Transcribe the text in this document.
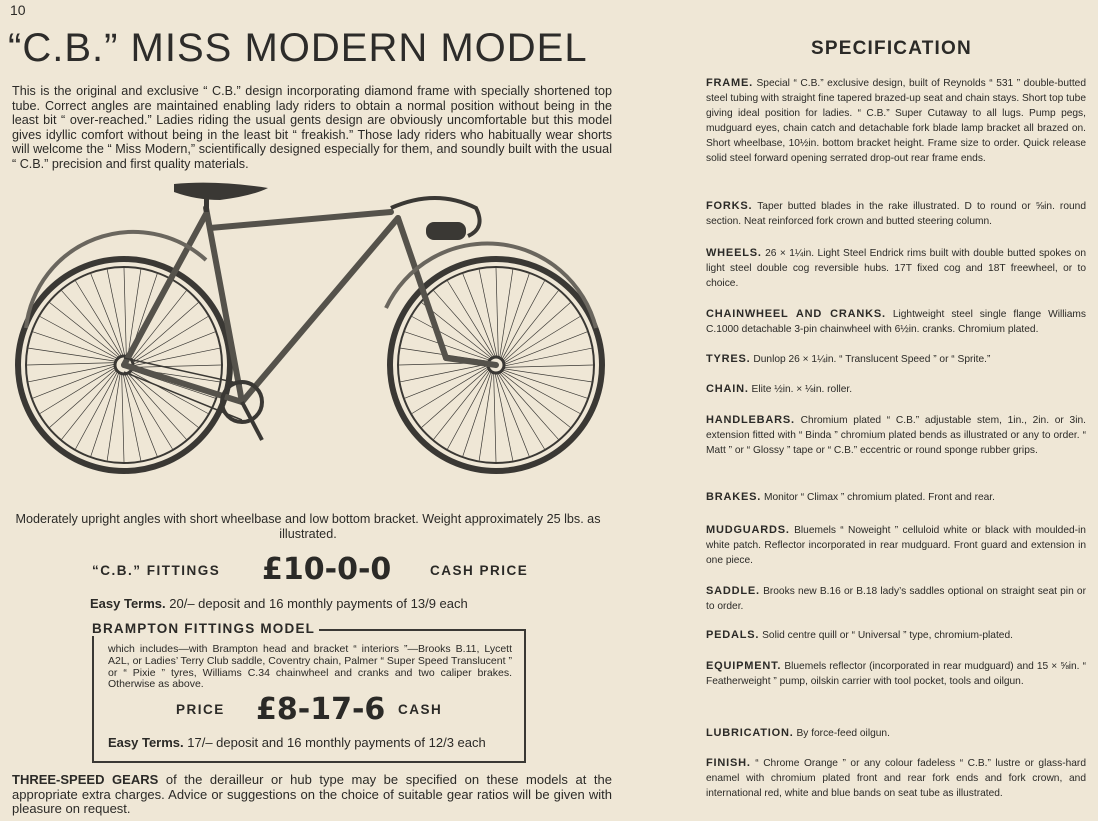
10
“C.B.” MISS MODERN MODEL
This is the original and exclusive “ C.B.” design incorporating diamond frame with specially shortened top tube. Correct angles are maintained enabling lady riders to obtain a normal position without being in the least bit “ over-reached.” Ladies riding the usual gents design are obviously uncomfortable but this model gives idyllic comfort without being in the least bit “ freakish.” Those lady riders who habitually wear shorts will welcome the “ Miss Modern,” scientifically designed especially for them, and soundly built with the usual “ C.B.” precision and first quality materials.
Moderately upright angles with short wheelbase and low bottom bracket. Weight approximately 25 lbs. as illustrated.
“C.B.” FITTINGS £10-0-0	CASH PRICE
Easy Terms. 20/– deposit and 16 monthly payments of 13/9 each
BRAMPTON FITTINGS MODEL
which includes—with Brampton head and bracket “ interiors ”—Brooks B.11, Lycett A2L, or Ladies’ Terry Club saddle, Coventry chain, Palmer “ Super Speed Translucent ” or “ Pixie ” tyres, Williams C.34 chainwheel and cranks and two caliper brakes. Otherwise as above.
PRICE £8-17-6 CASH
Easy Terms. 17/– deposit and 16 monthly payments of 12/3 each
THREE-SPEED GEARS of the derailleur or hub type may be specified on these models at the appropriate extra charges. Advice or suggestions on the choice of suitable gear ratios will be given with pleasure on request.
SPECIFICATION
FRAME. Special “ C.B.” exclusive design, built of Reynolds “ 531 ” double-butted steel tubing with straight fine tapered brazed-up seat and chain stays. Short top tube giving ideal position for ladies. “ C.B.” Super Cutaway to all lugs. Pump pegs, mudguard eyes, chain catch and detachable fork blade lamp bracket all brazed on. Short wheelbase, 10½in. bottom bracket height. Frame size to order. Quick release solid steel forward opening serrated drop-out rear frame ends.
FORKS. Taper butted blades in the rake illustrated. D to round or ⅝in. round section. Neat reinforced fork crown and butted steering column.
WHEELS. 26 × 1¼in. Light Steel Endrick rims built with double butted spokes on light steel double cog reversible hubs. 17T fixed cog and 18T freewheel, or to choice.
CHAINWHEEL AND CRANKS. Lightweight steel single flange Williams C.1000 detachable 3-pin chainwheel with 6½in. cranks. Chromium plated.
TYRES. Dunlop 26 × 1¼in. “ Translucent Speed ” or “ Sprite.”
CHAIN. Elite ½in. × ⅛in. roller.
HANDLEBARS. Chromium plated “ C.B.” adjustable stem, 1in., 2in. or 3in. extension fitted with “ Binda ” chromium plated bends as illustrated or any to order. “ Matt ” or “ Glossy ” tape or “ C.B.” eccentric or round sponge rubber grips.
BRAKES. Monitor “ Climax ” chromium plated. Front and rear.
MUDGUARDS. Bluemels “ Noweight ” celluloid white or black with moulded-in white patch. Reflector incorporated in rear mudguard. Front guard and extension in one piece.
SADDLE. Brooks new B.16 or B.18 lady’s saddles optional on straight seat pin or to order.
PEDALS. Solid centre quill or “ Universal ” type, chromium-plated.
EQUIPMENT. Bluemels reflector (incorporated in rear mudguard) and 15 × ⅝in. “ Featherweight ” pump, oilskin carrier with tool pocket, tools and oilgun.
LUBRICATION. By force-feed oilgun.
FINISH. “ Chrome Orange ” or any colour fadeless “ C.B.” lustre or glass-hard enamel with chromium plated front and rear fork ends and fork crown, and international red, white and blue bands on seat tube as illustrated.
